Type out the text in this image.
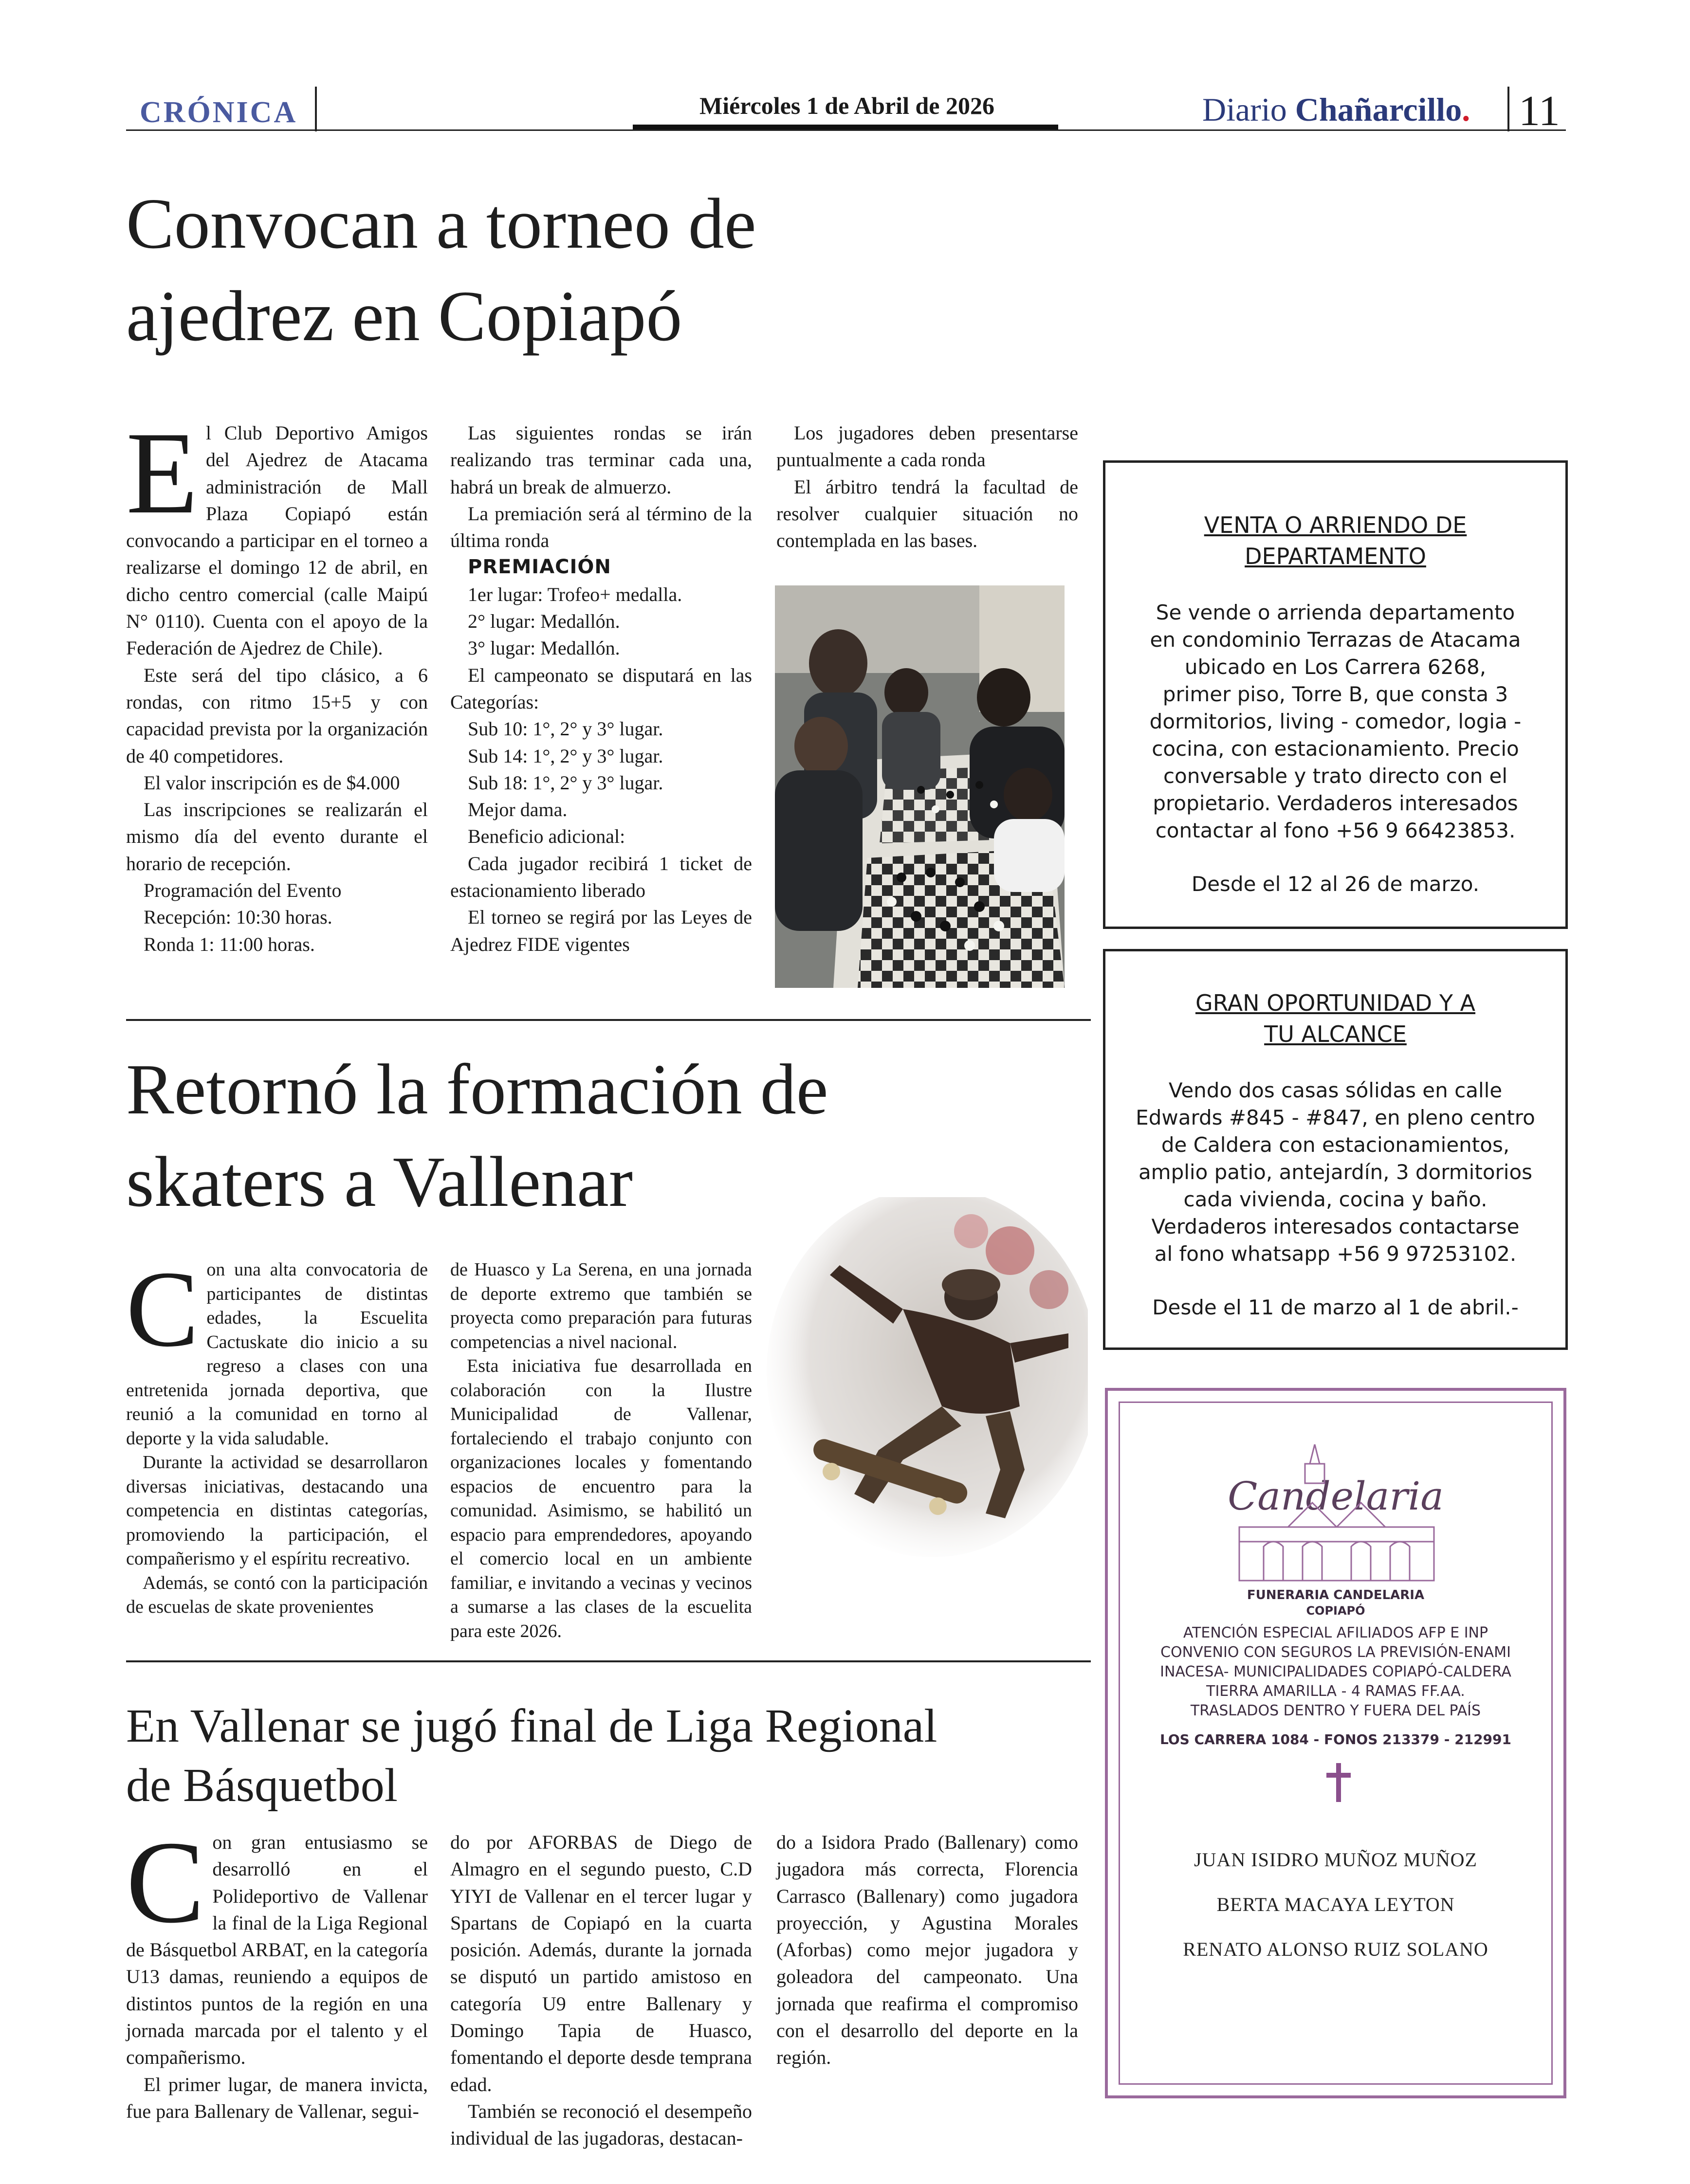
CRÓNICA	Miércoles 1 de Abril de 2026	Diario Chañarcillo. 11
Convocan a torneo de
ajedrez en Copiapó
E l Club Deportivo Amigos del Ajedrez de Atacama administración de Mall Plaza Copiapó están convocando a participar en el torneo a realizarse el domingo 12 de abril, en dicho centro comercial (calle Maipú N° 0110). Cuenta con el apoyo de la Federación de Ajedrez de Chile).

Este será del tipo clásico, a 6 rondas, con ritmo 15+5 y con capacidad prevista por la organización de 40 competidores.

El valor inscripción es de $4.000

Las inscripciones se realizarán el mismo día del evento durante el horario de recepción.

Programación del Evento

Recepción: 10:30 horas.

Ronda 1: 11:00 horas.

Las siguientes rondas se irán realizando tras terminar cada una, habrá un break de almuerzo.

La premiación será al término de la última ronda

PREMIACIÓN

1er lugar: Trofeo+ medalla.

2° lugar: Medallón.

3° lugar: Medallón.

El campeonato se disputará en las Categorías:

Sub 10: 1°, 2° y 3° lugar.

Sub 14: 1°, 2° y 3° lugar.

Sub 18: 1°, 2° y 3° lugar.

Mejor dama.

Beneficio adicional:

Cada jugador recibirá 1 ticket de estacionamiento liberado

El torneo se regirá por las Leyes de Ajedrez FIDE vigentes

Los jugadores deben presentarse puntualmente a cada ronda

El árbitro tendrá la facultad de resolver cualquier situación no contemplada en las bases.

Retornó la formación de
skaters a Vallenar
C on una alta convocatoria de participantes de distintas edades, la Escuelita Cactuskate dio inicio a su regreso a clases con una entretenida jornada deportiva, que reunió a la comunidad en torno al deporte y la vida saludable.

Durante la actividad se desarrollaron diversas iniciativas, destacando una competencia en distintas categorías, promoviendo la participación, el compañerismo y el espíritu recreativo.

Además, se contó con la participación de escuelas de skate provenientes

de Huasco y La Serena, en una jornada de deporte extremo que también se proyecta como preparación para futuras competencias a nivel nacional.

Esta iniciativa fue desarrollada en colaboración con la Ilustre Municipalidad de Vallenar, fortaleciendo el trabajo conjunto con organizaciones locales y fomentando espacios de encuentro para la comunidad. Asimismo, se habilitó un espacio para emprendedores, apoyando el comercio local en un ambiente familiar, e invitando a vecinas y vecinos a sumarse a las clases de la escuelita para este 2026.

En Vallenar se jugó final de Liga Regional
de Básquetbol
C on gran entusiasmo se desarrolló en el Polideportivo de Vallenar la final de la Liga Regional de Básquetbol ARBAT, en la categoría U13 damas, reuniendo a equipos de distintos puntos de la región en una jornada marcada por el talento y el compañerismo.

El primer lugar, de manera invicta, fue para Ballenary de Vallenar, segui-

do por AFORBAS de Diego de Almagro en el segundo puesto, C.D YIYI de Vallenar en el tercer lugar y Spartans de Copiapó en la cuarta posición. Además, durante la jornada se disputó un partido amistoso en categoría U9 entre Ballenary y Domingo Tapia de Huasco, fomentando el deporte desde temprana edad.

También se reconoció el desempeño individual de las jugadoras, destacan-

do a Isidora Prado (Ballenary) como jugadora más correcta, Florencia Carrasco (Ballenary) como jugadora proyección, y Agustina Morales (Aforbas) como mejor jugadora y goleadora del campeonato. Una jornada que reafirma el compromiso con el desarrollo del deporte en la región.

VENTA O ARRIENDO DE
DEPARTAMENTO
Se vende o arrienda departamento
en condominio Terrazas de Atacama
ubicado en Los Carrera 6268,
primer piso, Torre B, que consta 3
dormitorios, living - comedor, logia -
cocina, con estacionamiento. Precio
conversable y trato directo con el
propietario. Verdaderos interesados
contactar al fono +56 9 66423853.
Desde el 12 al 26 de marzo.
GRAN OPORTUNIDAD Y A
TU ALCANCE
Vendo dos casas sólidas en calle
Edwards #845 - #847, en pleno centro
de Caldera con estacionamientos,
amplio patio, antejardín, 3 dormitorios
cada vivienda, cocina y baño.
Verdaderos interesados contactarse
al fono whatsapp +56 9 97253102.
Desde el 11 de marzo al 1 de abril.-
Candelaria
FUNERARIA CANDELARIA
COPIAPÓ
ATENCIÓN ESPECIAL AFILIADOS AFP E INP
CONVENIO CON SEGUROS LA PREVISIÓN-ENAMI
INACESA- MUNICIPALIDADES COPIAPÓ-CALDERA
TIERRA AMARILLA - 4 RAMAS FF.AA.
TRASLADOS DENTRO Y FUERA DEL PAÍS
LOS CARRERA 1084 - FONOS 213379 - 212991
JUAN ISIDRO MUÑOZ MUÑOZ
BERTA MACAYA LEYTON
RENATO ALONSO RUIZ SOLANO
